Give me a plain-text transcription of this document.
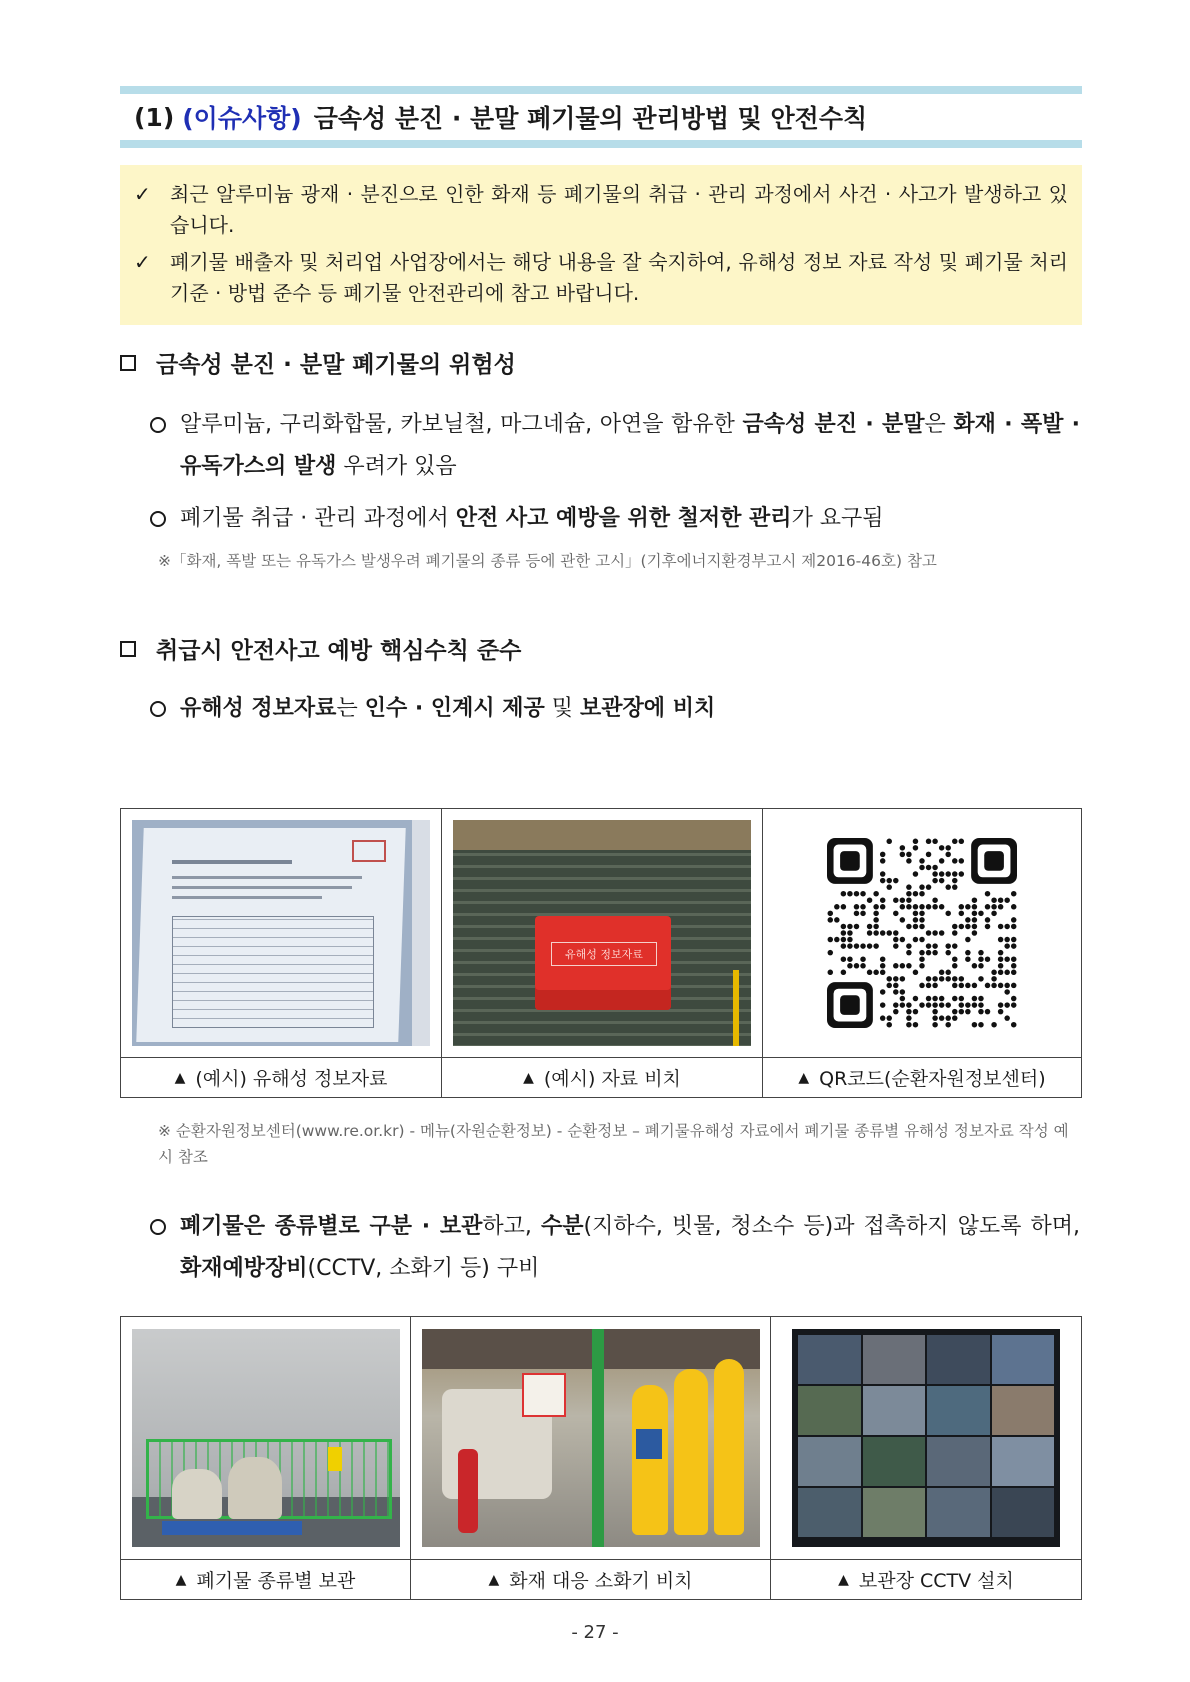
(1) (이슈사항) 금속성 분진 · 분말 폐기물의 관리방법 및 안전수칙
✓ 최근 알루미늄 광재 · 분진으로 인한 화재 등 폐기물의 취급 · 관리 과정에서 사건 · 사고가 발생하고 있습니다.
✓ 폐기물 배출자 및 처리업 사업장에서는 해당 내용을 잘 숙지하여, 유해성 정보 자료 작성 및 폐기물 처리기준 · 방법 준수 등 폐기물 안전관리에 참고 바랍니다.
금속성 분진 · 분말 폐기물의 위험성
알루미늄, 구리화합물, 카보닐철, 마그네슘, 아연을 함유한 금속성 분진 · 분말은 화재 · 폭발 · 유독가스의 발생 우려가 있음
폐기물 취급 · 관리 과정에서 안전 사고 예방을 위한 철저한 관리가 요구됨
※「화재, 폭발 또는 유독가스 발생우려 폐기물의 종류 등에 관한 고시」(기후에너지환경부고시 제2016-46호) 참고
취급시 안전사고 예방 핵심수칙 준수
유해성 정보자료는 인수 · 인계시 제공 및 보관장에 비치
유해성 정보자료
▲ (예시) 유해성 정보자료	▲ (예시) 자료 비치	▲ QR코드(순환자원정보센터)
※ 순환자원정보센터(www.re.or.kr) - 메뉴(자원순환정보) - 순환정보 – 폐기물유해성 자료에서 폐기물 종류별 유해성 정보자료 작성 예시 참조
폐기물은 종류별로 구분 · 보관하고, 수분(지하수, 빗물, 청소수 등)과 접촉하지 않도록 하며, 화재예방장비(CCTV, 소화기 등) 구비
▲ 폐기물 종류별 보관	▲ 화재 대응 소화기 비치	▲ 보관장 CCTV 설치
- 27 -
